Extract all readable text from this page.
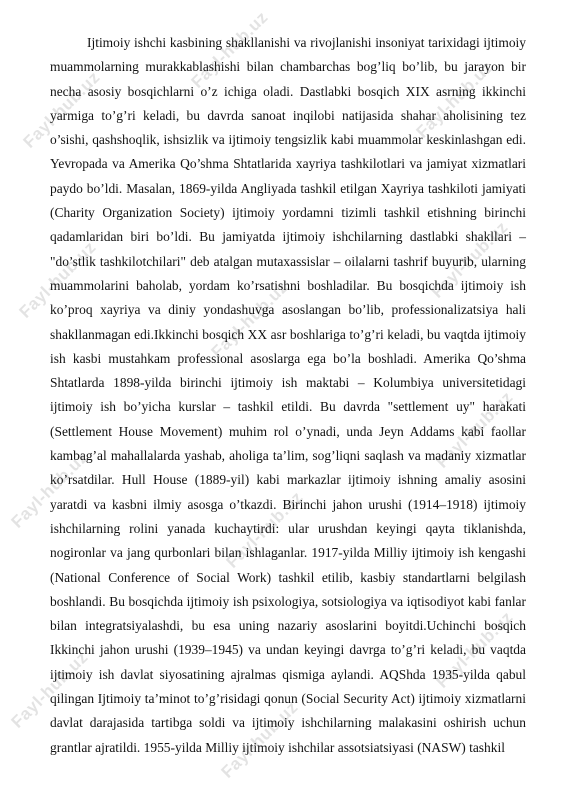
Fayl-hub.uz
Fayl-hub.uz
Fayl-hub.uz
Fayl-hub.uz	Fayl-hub.uz
Fayl-hub.uz
Fayl-hub.uz	Fayl-hub.uz
Fayl-hub.uz
Fayl-hub.uz
Fayl-hub.uz
Fayl-hub.uz

Ijtimoiy ishchi kasbining shakllanishi va rivojlanishi insoniyat tarixidagi ijtimoiy muammolarning murakkablashishi bilan chambarchas bog’liq bo’lib, bu jarayon bir necha asosiy bosqichlarni o’z ichiga oladi. Dastlabki bosqich XIX asrning ikkinchi yarmiga to’g’ri keladi, bu davrda sanoat inqilobi natijasida shahar aholisining tez o’sishi, qashshoqlik, ishsizlik va ijtimoiy tengsizlik kabi muammolar keskinlashgan edi. Yevropada va Amerika Qo’shma Shtatlarida xayriya tashkilotlari va jamiyat xizmatlari paydo bo’ldi. Masalan, 1869-yilda Angliyada tashkil etilgan Xayriya tashkiloti jamiyati (Charity Organization Society) ijtimoiy yordamni tizimli tashkil etishning birinchi qadamlaridan biri bo’ldi. Bu jamiyatda ijtimoiy ishchilarning dastlabki shakllari – "do’stlik tashkilotchilari" deb atalgan mutaxassislar – oilalarni tashrif buyurib, ularning muammolarini baholab, yordam ko’rsatishni boshladilar. Bu bosqichda ijtimoiy ish ko’proq xayriya va diniy yondashuvga asoslangan bo’lib, professionalizatsiya hali shakllanmagan edi.Ikkinchi bosqich XX asr boshlariga to’g’ri keladi, bu vaqtda ijtimoiy ish kasbi mustahkam professional asoslarga ega bo’la boshladi. Amerika Qo’shma Shtatlarda 1898-yilda birinchi ijtimoiy ish maktabi – Kolumbiya universitetidagi ijtimoiy ish bo’yicha kurslar – tashkil etildi. Bu davrda "settlement uy" harakati (Settlement House Movement) muhim rol o’ynadi, unda Jeyn Addams kabi faollar kambag’al mahallalarda yashab, aholiga ta’lim, sog’liqni saqlash va madaniy xizmatlar ko’rsatdilar. Hull House (1889-yil) kabi markazlar ijtimoiy ishning amaliy asosini yaratdi va kasbni ilmiy asosga o’tkazdi. Birinchi jahon urushi (1914–1918) ijtimoiy ishchilarning rolini yanada kuchaytirdi: ular urushdan keyingi qayta tiklanishda, nogironlar va jang qurbonlari bilan ishlaganlar. 1917-yilda Milliy ijtimoiy ish kengashi (National Conference of Social Work) tashkil etilib, kasbiy standartlarni belgilash boshlandi. Bu bosqichda ijtimoiy ish psixologiya, sotsiologiya va iqtisodiyot kabi fanlar bilan integratsiyalashdi, bu esa uning nazariy asoslarini boyitdi.Uchinchi bosqich Ikkinchi jahon urushi (1939–1945) va undan keyingi davrga to’g’ri keladi, bu vaqtda ijtimoiy ish davlat siyosatining ajralmas qismiga aylandi. AQShda 1935-yilda qabul qilingan Ijtimoiy ta’minot to’g’risidagi qonun (Social Security Act) ijtimoiy xizmatlarni davlat darajasida tartibga soldi va ijtimoiy ishchilarning malakasini oshirish uchun grantlar ajratildi. 1955-yilda Milliy ijtimoiy ishchilar assotsiatsiyasi (NASW) tashkil
